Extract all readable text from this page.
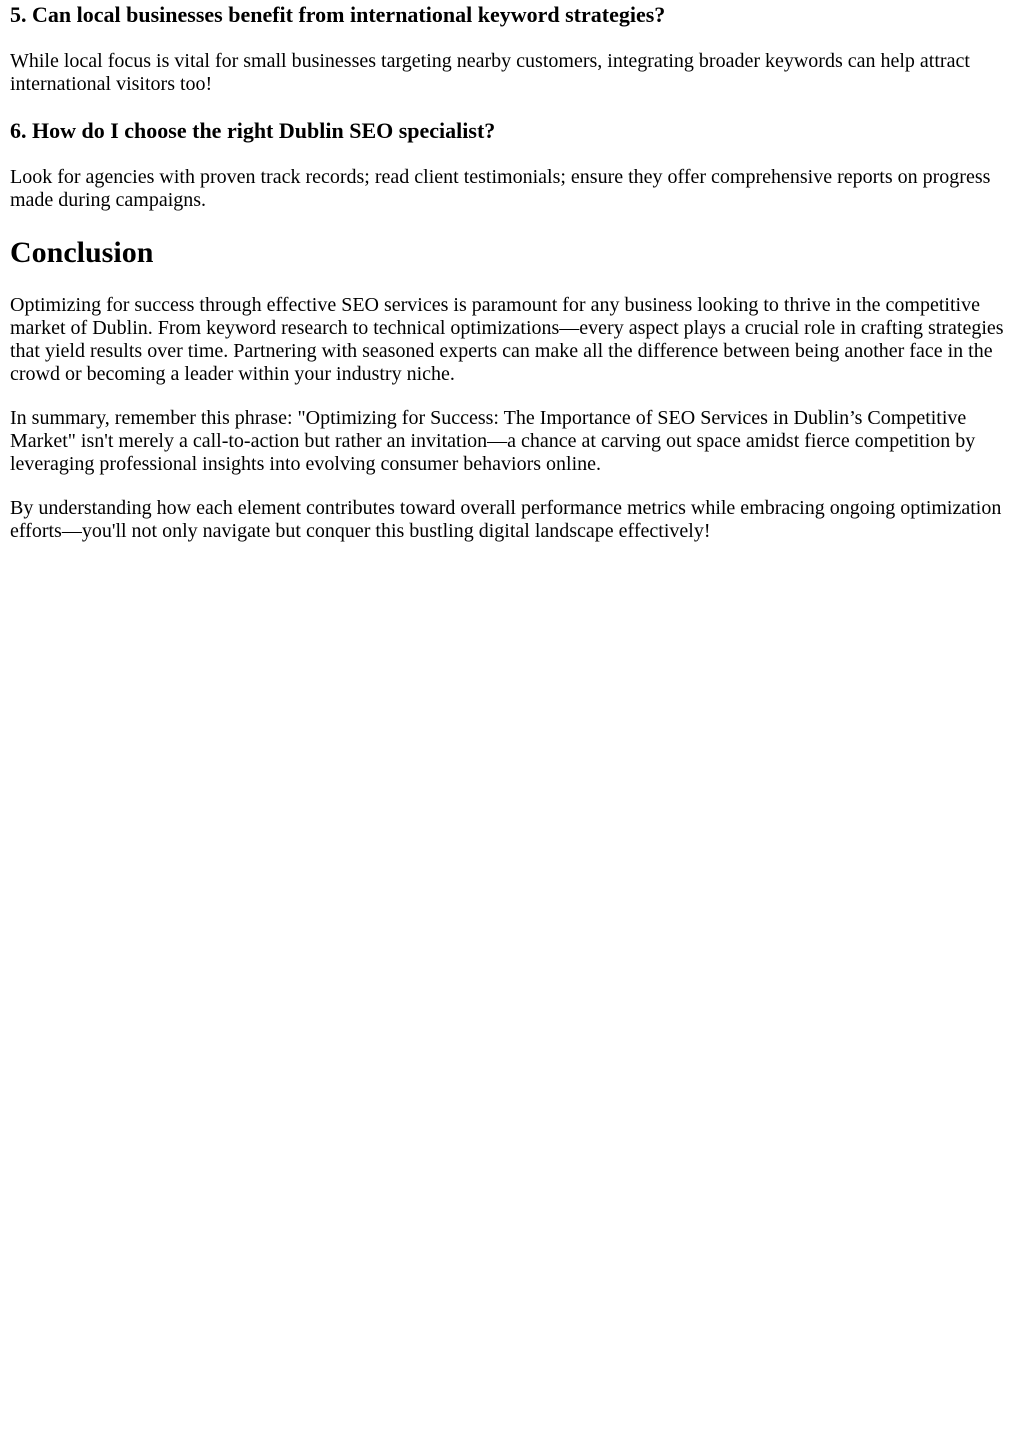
5. Can local businesses benefit from international keyword strategies?

While local focus is vital for small businesses targeting nearby customers, integrating broader keywords can help attract international visitors too!

6. How do I choose the right Dublin SEO specialist?

Look for agencies with proven track records; read client testimonials; ensure they offer comprehensive reports on progress made during campaigns.

Conclusion

Optimizing for success through effective SEO services is paramount for any business looking to thrive in the competitive market of Dublin. From keyword research to technical optimizations—every aspect plays a crucial role in crafting strategies that yield results over time. Partnering with seasoned experts can make all the difference between being another face in the crowd or becoming a leader within your industry niche.

In summary, remember this phrase: "Optimizing for Success: The Importance of SEO Services in Dublin’s Competitive Market" isn't merely a call-to-action but rather an invitation—a chance at carving out space amidst fierce competition by leveraging professional insights into evolving consumer behaviors online.

By understanding how each element contributes toward overall performance metrics while embracing ongoing optimization efforts—you'll not only navigate but conquer this bustling digital landscape effectively!
